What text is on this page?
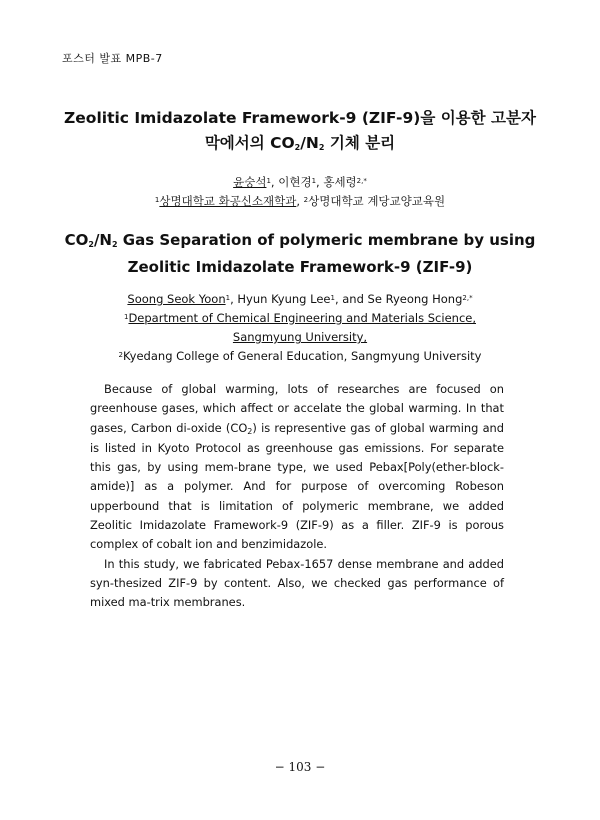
포스터 발표 MPB-7
Zeolitic Imidazolate Framework-9 (ZIF-9)을 이용한 고분자
막에서의 CO2/N2 기체 분리
윤숭석$^1$, 이현경$^1$, 홍세령$^{2,*}$
$^1$상명대학교 화공신소재학과, $^2$상명대학교 계당교양교육원
CO2/N2 Gas Separation of polymeric membrane by using
Zeolitic Imidazolate Framework-9 (ZIF-9)
Soong Seok Yoon$^1$, Hyun Kyung Lee$^1$, and Se Ryeong Hong$^{2,*}$
$^1$Department of Chemical Engineering and Materials Science,
Sangmyung University,
$^2$Kyedang College of General Education, Sangmyung University

Because of global warming, lots of researches are focused on greenhouse gases, which affect or accelate the global warming. In that gases, Carbon di-oxide (CO2) is representive gas of global warming and is listed in Kyoto Protocol as greenhouse gas emissions. For separate this gas, by using mem-brane type, we used Pebax[Poly(ether-block-amide)] as a polymer. And for purpose of overcoming Robeson upperbound that is limitation of polymeric membrane, we added Zeolitic Imidazolate Framework-9 (ZIF-9) as a filler. ZIF-9 is porous complex of cobalt ion and benzimidazole.

In this study, we fabricated Pebax-1657 dense membrane and added syn-thesized ZIF-9 by content. Also, we checked gas performance of mixed ma-trix membranes.

− 103 −
